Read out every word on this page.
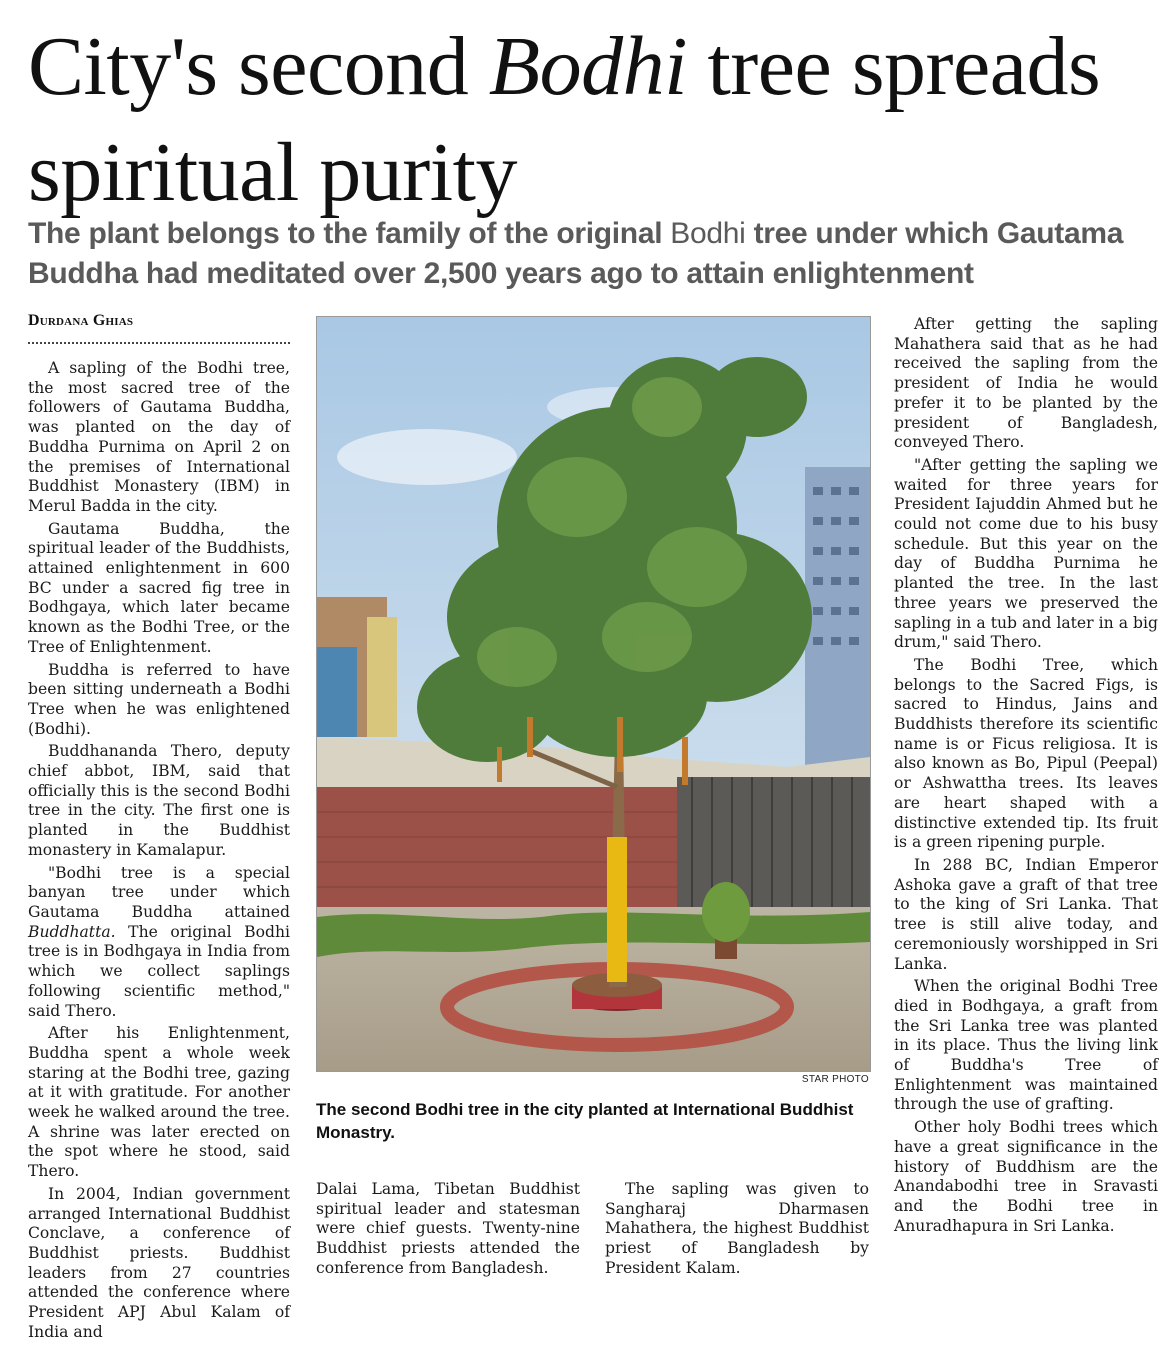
City's second Bodhi tree spreads spiritual purity
The plant belongs to the family of the original Bodhi tree under which Gautama Buddha had meditated over 2,500 years ago to attain enlightenment
Durdana Ghias

A sapling of the Bodhi tree, the most sacred tree of the followers of Gautama Buddha, was planted on the day of Buddha Purnima on April 2 on the premises of International Buddhist Monastery (IBM) in Merul Badda in the city.

Gautama Buddha, the spiritual leader of the Buddhists, attained enlightenment in 600 BC under a sacred fig tree in Bodhgaya, which later became known as the Bodhi Tree, or the Tree of Enlightenment.

Buddha is referred to have been sitting underneath a Bodhi Tree when he was enlightened (Bodhi).

Buddhananda Thero, deputy chief abbot, IBM, said that officially this is the second Bodhi tree in the city. The first one is planted in the Buddhist monastery in Kamalapur.

"Bodhi tree is a special banyan tree under which Gautama Buddha attained Buddhatta. The original Bodhi tree is in Bodhgaya in India from which we collect saplings following scientific method," said Thero.

After his Enlightenment, Buddha spent a whole week staring at the Bodhi tree, gazing at it with gratitude. For another week he walked around the tree. A shrine was later erected on the spot where he stood, said Thero.

In 2004, Indian government arranged International Buddhist Conclave, a conference of Buddhist priests. Buddhist leaders from 27 countries attended the conference where President APJ Abul Kalam of India and

STAR PHOTO

The second Bodhi tree in the city planted at International Buddhist Monastry.

After getting the sapling Mahathera said that as he had received the sapling from the president of India he would prefer it to be planted by the president of Bangladesh, conveyed Thero.

"After getting the sapling we waited for three years for President Iajuddin Ahmed but he could not come due to his busy schedule. But this year on the day of Buddha Purnima he planted the tree. In the last three years we preserved the sapling in a tub and later in a big drum," said Thero.

The Bodhi Tree, which belongs to the Sacred Figs, is sacred to Hindus, Jains and Buddhists therefore its scientific name is or Ficus religiosa. It is also known as Bo, Pipul (Peepal) or Ashwattha trees. Its leaves are heart shaped with a distinctive extended tip. Its fruit is a green ripening purple.

In 288 BC, Indian Emperor Ashoka gave a graft of that tree to the king of Sri Lanka. That tree is still alive today, and ceremoniously worshipped in Sri Lanka.

When the original Bodhi Tree died in Bodhgaya, a graft from the Sri Lanka tree was planted in its place. Thus the living link of Buddha's Tree of Enlightenment was maintained through the use of grafting.

Other holy Bodhi trees which have a great significance in the history of Buddhism are the Anandabodhi tree in Sravasti and the Bodhi tree in Anuradhapura in Sri Lanka.

Dalai Lama, Tibetan Buddhist spiritual leader and statesman were chief guests. Twenty-nine Buddhist priests attended the conference from Bangladesh.

The sapling was given to Sangharaj Dharmasen Mahathera, the highest Buddhist priest of Bangladesh by President Kalam.
